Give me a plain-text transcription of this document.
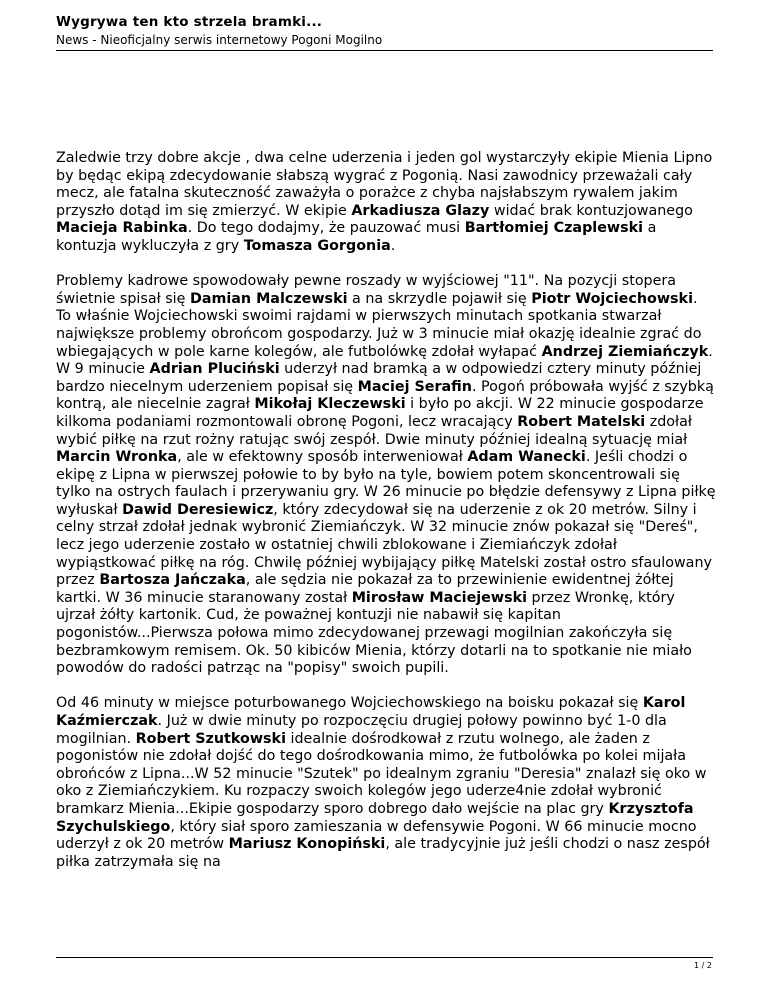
Wygrywa ten kto strzela bramki...
News - Nieoficjalny serwis internetowy Pogoni Mogilno

Zaledwie trzy dobre akcje , dwa celne uderzenia i jeden gol wystarczyły ekipie Mienia Lipno by będąc ekipą zdecydowanie słabszą wygrać z Pogonią. Nasi zawodnicy przeważali cały mecz, ale fatalna skuteczność zaważyła o porażce z chyba najsłabszym rywalem jakim przyszło dotąd im się zmierzyć. W ekipie Arkadiusza Glazy widać brak kontuzjowanego Macieja Rabinka. Do tego dodajmy, że pauzować musi Bartłomiej Czaplewski a kontuzja wykluczyła z gry Tomasza Gorgonia.

Problemy kadrowe spowodowały pewne roszady w wyjściowej "11". Na pozycji stopera świetnie spisał się Damian Malczewski a na skrzydle pojawił się Piotr Wojciechowski. To właśnie Wojciechowski swoimi rajdami w pierwszych minutach spotkania stwarzał największe problemy obrońcom gospodarzy. Już w 3 minucie miał okazję idealnie zgrać do wbiegających w pole karne kolegów, ale futbolówkę zdołał wyłapać Andrzej Ziemiańczyk. W 9 minucie Adrian Pluciński uderzył nad bramką a w odpowiedzi cztery minuty później bardzo niecelnym uderzeniem popisał się Maciej Serafin. Pogoń próbowała wyjść z szybką kontrą, ale niecelnie zagrał Mikołaj Kleczewski i było po akcji. W 22 minucie gospodarze kilkoma podaniami rozmontowali obronę Pogoni, lecz wracający Robert Matelski zdołał wybić piłkę na rzut rożny ratując swój zespół. Dwie minuty później idealną sytuację miał Marcin Wronka, ale w efektowny sposób interweniował Adam Wanecki. Jeśli chodzi o ekipę z Lipna w pierwszej połowie to by było na tyle, bowiem potem skoncentrowali się tylko na ostrych faulach i przerywaniu gry. W 26 minucie po błędzie defensywy z Lipna piłkę wyłuskał Dawid Deresiewicz, który zdecydował się na uderzenie z ok 20 metrów. Silny i celny strzał zdołał jednak wybronić Ziemiańczyk. W 32 minucie znów pokazał się "Dereś", lecz jego uderzenie zostało w ostatniej chwili zblokowane i Ziemiańczyk zdołał wypiąstkować piłkę na róg. Chwilę później wybijający piłkę Matelski został ostro sfaulowany przez Bartosza Jańczaka, ale sędzia nie pokazał za to przewinienie ewidentnej żółtej kartki. W 36 minucie staranowany został Mirosław Maciejewski przez Wronkę, który ujrzał żółty kartonik. Cud, że poważnej kontuzji nie nabawił się kapitan pogonistów...Pierwsza połowa mimo zdecydowanej przewagi mogilnian zakończyła się bezbramkowym remisem. Ok. 50 kibiców Mienia, którzy dotarli na to spotkanie nie miało powodów do radości patrząc na "popisy" swoich pupili.

Od 46 minuty w miejsce poturbowanego Wojciechowskiego na boisku pokazał się Karol Kaźmierczak. Już w dwie minuty po rozpoczęciu drugiej połowy powinno być 1-0 dla mogilnian. Robert Szutkowski idealnie dośrodkował z rzutu wolnego, ale żaden z pogonistów nie zdołał dojść do tego dośrodkowania mimo, że futbolówka po kolei mijała obrońców z Lipna...W 52 minucie "Szutek" po idealnym zgraniu "Deresia" znalazł się oko w oko z Ziemiańczykiem. Ku rozpaczy swoich kolegów jego uderze4nie zdołał wybronić bramkarz Mienia...Ekipie gospodarzy sporo dobrego dało wejście na plac gry Krzysztofa Szychulskiego, który siał sporo zamieszania w defensywie Pogoni. W 66 minucie mocno uderzył z ok 20 metrów Mariusz Konopiński, ale tradycyjnie już jeśli chodzi o nasz zespół piłka zatrzymała się na

1 / 2
